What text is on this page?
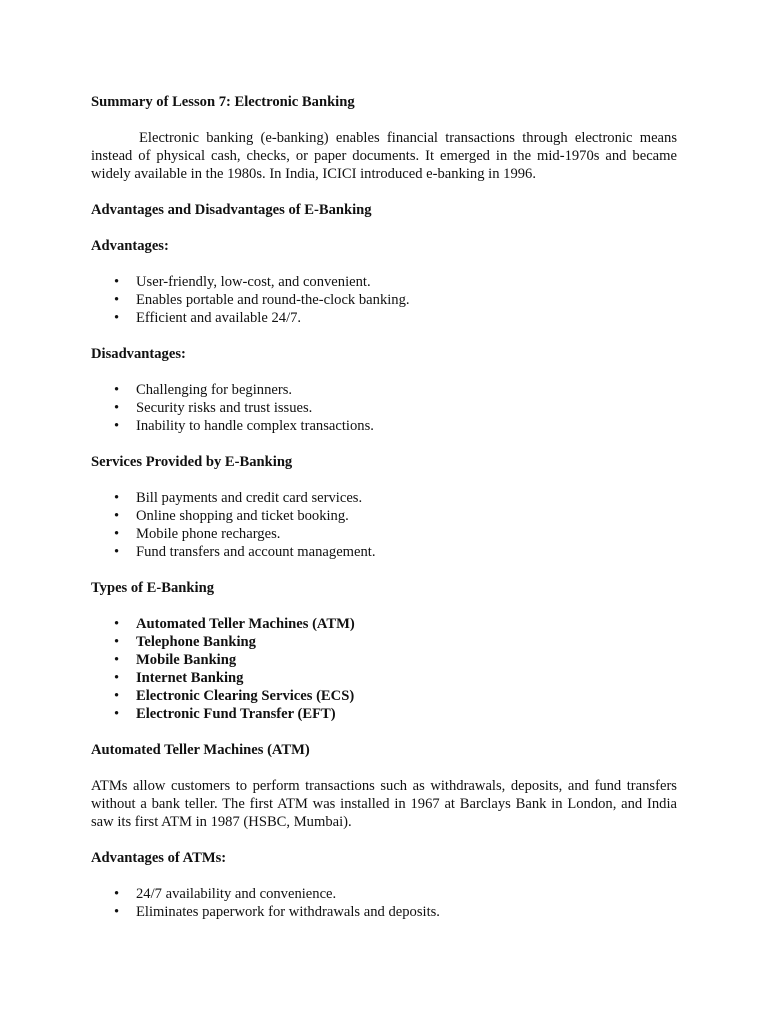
Summary of Lesson 7: Electronic Banking
Electronic banking (e-banking) enables financial transactions through electronic means instead of physical cash, checks, or paper documents. It emerged in the mid-1970s and became widely available in the 1980s. In India, ICICI introduced e-banking in 1996.
Advantages and Disadvantages of E-Banking
Advantages:
• User-friendly, low-cost, and convenient.
• Enables portable and round-the-clock banking.
• Efficient and available 24/7.
Disadvantages:
• Challenging for beginners.
• Security risks and trust issues.
• Inability to handle complex transactions.
Services Provided by E-Banking
• Bill payments and credit card services.
• Online shopping and ticket booking.
• Mobile phone recharges.
• Fund transfers and account management.
Types of E-Banking
• Automated Teller Machines (ATM)
• Telephone Banking
• Mobile Banking
• Internet Banking
• Electronic Clearing Services (ECS)
• Electronic Fund Transfer (EFT)
Automated Teller Machines (ATM)
ATMs allow customers to perform transactions such as withdrawals, deposits, and fund transfers without a bank teller. The first ATM was installed in 1967 at Barclays Bank in London, and India saw its first ATM in 1987 (HSBC, Mumbai).
Advantages of ATMs:
• 24/7 availability and convenience.
• Eliminates paperwork for withdrawals and deposits.
